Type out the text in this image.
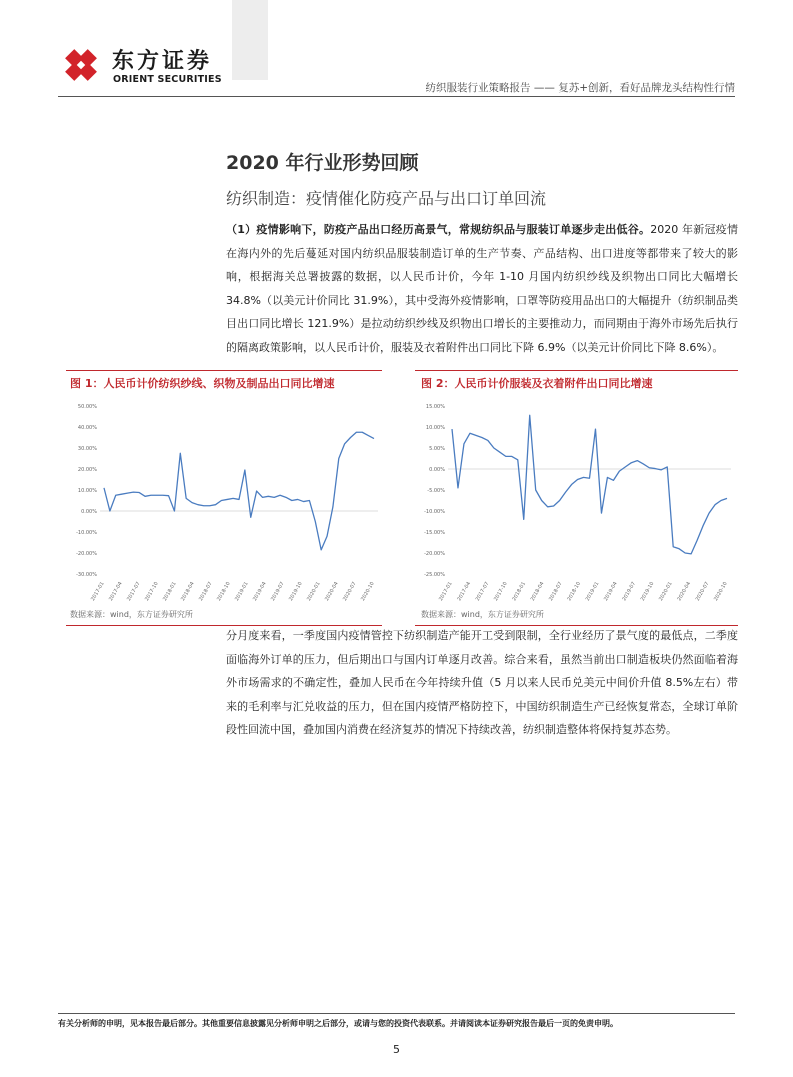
东方证券
ORIENT SECURITIES
纺织服装行业策略报告 —— 复苏+创新，看好品牌龙头结构性行情
2020 年行业形势回顾
纺织制造：疫情催化防疫产品与出口订单回流
（1）疫情影响下，防疫产品出口经历高景气，常规纺织品与服装订单逐步走出低谷。2020 年新冠疫情在海内外的先后蔓延对国内纺织品服装制造订单的生产节奏、产品结构、出口进度等都带来了较大的影响，根据海关总署披露的数据，以人民币计价，今年 1-10 月国内纺织纱线及织物出口同比大幅增长 34.8%（以美元计价同比 31.9%），其中受海外疫情影响，口罩等防疫用品出口的大幅提升（纺织制品类目出口同比增长 121.9%）是拉动纺织纱线及织物出口增长的主要推动力，而同期由于海外市场先后执行的隔离政策影响，以人民币计价，服装及衣着附件出口同比下降 6.9%（以美元计价同比下降 8.6%）。
图 1：人民币计价纺织纱线、织物及制品出口同比增速
50.00%
40.00%
30.00%
20.00%
10.00%
0.00%
-10.00%
-20.00%
-30.00%
2017-01 2017-04 2017-07 2017-10 2018-01 2018-04 2018-07 2018-10 2019-01 2019-04 2019-07 2019-10 2020-01 2020-04 2020-07 2020-10
数据来源：wind，东方证券研究所
图 2：人民币计价服装及衣着附件出口同比增速
15.00%
10.00%
5.00%
0.00%
-5.00%
-10.00%
-15.00%
-20.00%
-25.00%
2017-01 2017-04 2017-07 2017-10 2018-01 2018-04 2018-07 2018-10 2019-01 2019-04 2019-07 2019-10 2020-01 2020-04 2020-07 2020-10
数据来源：wind，东方证券研究所
分月度来看，一季度国内疫情管控下纺织制造产能开工受到限制，全行业经历了景气度的最低点，二季度面临海外订单的压力，但后期出口与国内订单逐月改善。综合来看，虽然当前出口制造板块仍然面临着海外市场需求的不确定性，叠加人民币在今年持续升值（5 月以来人民币兑美元中间价升值 8.5%左右）带来的毛利率与汇兑收益的压力，但在国内疫情严格防控下，中国纺织制造生产已经恢复常态，全球订单阶段性回流中国，叠加国内消费在经济复苏的情况下持续改善，纺织制造整体将保持复苏态势。
有关分析师的申明，见本报告最后部分。其他重要信息披露见分析师申明之后部分，或请与您的投资代表联系。并请阅读本证券研究报告最后一页的免责申明。
5
